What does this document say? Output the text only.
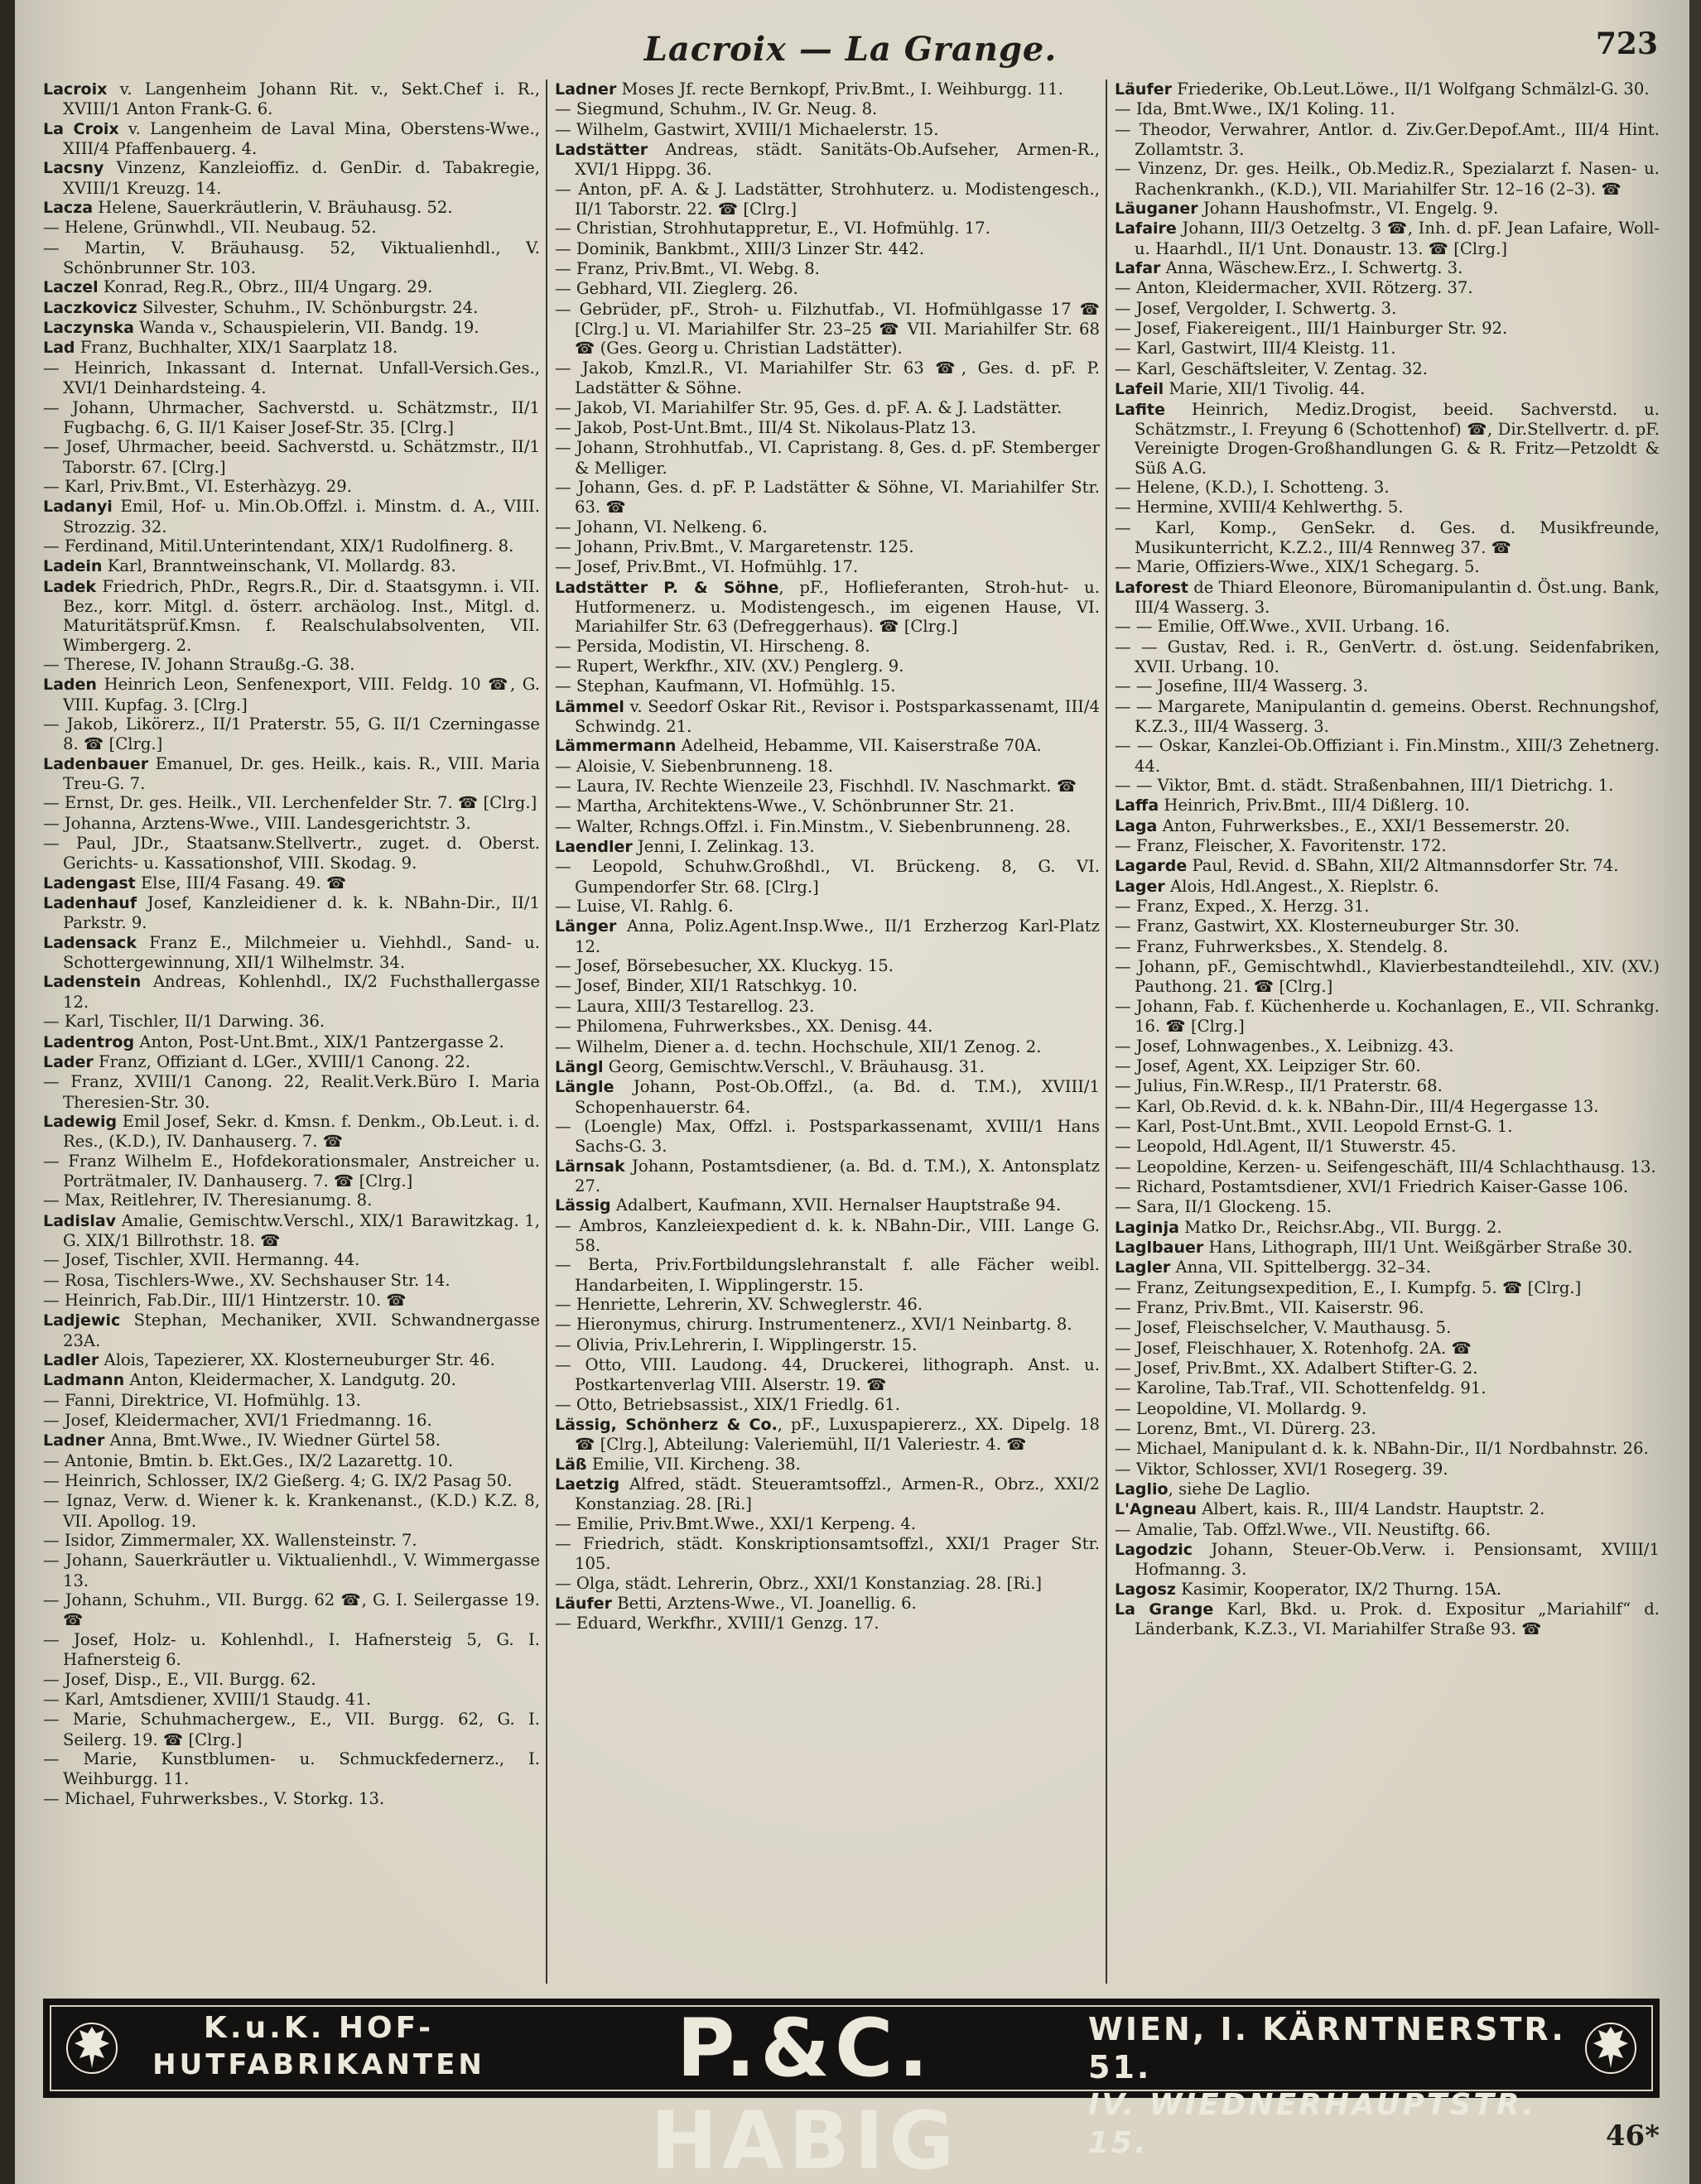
Lacroix — La Grange.	723

Lacroix v. Langenheim Johann Rit. v., Sekt.Chef i. R., XVIII/1 Anton Frank-G. 6.

La Croix v. Langenheim de Laval Mina, Oberstens-Wwe., XIII/4 Pfaffenbauerg. 4.

Lacsny Vinzenz, Kanzleioffiz. d. GenDir. d. Tabakregie, XVIII/1 Kreuzg. 14.

Lacza Helene, Sauerkräutlerin, V. Bräuhausg. 52.

— Helene, Grünwhdl., VII. Neubaug. 52.

— Martin, V. Bräuhausg. 52, Viktualienhdl., V. Schönbrunner Str. 103.

Laczel Konrad, Reg.R., Obrz., III/4 Ungarg. 29.

Laczkovicz Silvester, Schuhm., IV. Schönburgstr. 24.

Laczynska Wanda v., Schauspielerin, VII. Bandg. 19.

Lad Franz, Buchhalter, XIX/1 Saarplatz 18.

— Heinrich, Inkassant d. Internat. Unfall-Versich.Ges., XVI/1 Deinhardsteing. 4.

— Johann, Uhrmacher, Sachverstd. u. Schätzmstr., II/1 Fugbachg. 6, G. II/1 Kaiser Josef-Str. 35. [Clrg.]

— Josef, Uhrmacher, beeid. Sachverstd. u. Schätzmstr., II/1 Taborstr. 67. [Clrg.]

— Karl, Priv.Bmt., VI. Esterhàzyg. 29.

Ladanyi Emil, Hof- u. Min.Ob.Offzl. i. Minstm. d. A., VIII. Strozzig. 32.

— Ferdinand, Mitil.Unterintendant, XIX/1 Rudolfinerg. 8.

Ladein Karl, Branntweinschank, VI. Mollardg. 83.

Ladek Friedrich, PhDr., Regrs.R., Dir. d. Staatsgymn. i. VII. Bez., korr. Mitgl. d. österr. archäolog. Inst., Mitgl. d. Maturitätsprüf.Kmsn. f. Realschulabsolventen, VII. Wimbergerg. 2.

— Therese, IV. Johann Straußg.-G. 38.

Laden Heinrich Leon, Senfenexport, VIII. Feldg. 10 ☎, G. VIII. Kupfag. 3. [Clrg.]

— Jakob, Likörerz., II/1 Praterstr. 55, G. II/1 Czerningasse 8. ☎ [Clrg.]

Ladenbauer Emanuel, Dr. ges. Heilk., kais. R., VIII. Maria Treu-G. 7.

— Ernst, Dr. ges. Heilk., VII. Lerchenfelder Str. 7. ☎ [Clrg.]

— Johanna, Arztens-Wwe., VIII. Landesgerichtstr. 3.

— Paul, JDr., Staatsanw.Stellvertr., zuget. d. Oberst. Gerichts- u. Kassationshof, VIII. Skodag. 9.

Ladengast Else, III/4 Fasang. 49. ☎

Ladenhauf Josef, Kanzleidiener d. k. k. NBahn-Dir., II/1 Parkstr. 9.

Ladensack Franz E., Milchmeier u. Viehhdl., Sand- u. Schottergewinnung, XII/1 Wilhelmstr. 34.

Ladenstein Andreas, Kohlenhdl., IX/2 Fuchsthallergasse 12.

— Karl, Tischler, II/1 Darwing. 36.

Ladentrog Anton, Post-Unt.Bmt., XIX/1 Pantzergasse 2.

Lader Franz, Offiziant d. LGer., XVIII/1 Canong. 22.

— Franz, XVIII/1 Canong. 22, Realit.Verk.Büro I. Maria Theresien-Str. 30.

Ladewig Emil Josef, Sekr. d. Kmsn. f. Denkm., Ob.Leut. i. d. Res., (K.D.), IV. Danhauserg. 7. ☎

— Franz Wilhelm E., Hofdekorationsmaler, Anstreicher u. Porträtmaler, IV. Danhauserg. 7. ☎ [Clrg.]

— Max, Reitlehrer, IV. Theresianumg. 8.

Ladislav Amalie, Gemischtw.Verschl., XIX/1 Barawitzkag. 1, G. XIX/1 Billrothstr. 18. ☎

— Josef, Tischler, XVII. Hermanng. 44.

— Rosa, Tischlers-Wwe., XV. Sechshauser Str. 14.

— Heinrich, Fab.Dir., III/1 Hintzerstr. 10. ☎

Ladjewic Stephan, Mechaniker, XVII. Schwandnergasse 23A.

Ladler Alois, Tapezierer, XX. Klosterneuburger Str. 46.

Ladmann Anton, Kleidermacher, X. Landgutg. 20.

— Fanni, Direktrice, VI. Hofmühlg. 13.

— Josef, Kleidermacher, XVI/1 Friedmanng. 16.

Ladner Anna, Bmt.Wwe., IV. Wiedner Gürtel 58.

— Antonie, Bmtin. b. Ekt.Ges., IX/2 Lazarettg. 10.

— Heinrich, Schlosser, IX/2 Gießerg. 4; G. IX/2 Pasag 50.

— Ignaz, Verw. d. Wiener k. k. Krankenanst., (K.D.) K.Z. 8, VII. Apollog. 19.

— Isidor, Zimmermaler, XX. Wallensteinstr. 7.

— Johann, Sauerkräutler u. Viktualienhdl., V. Wimmergasse 13.

— Johann, Schuhm., VII. Burgg. 62 ☎, G. I. Seilergasse 19. ☎

— Josef, Holz- u. Kohlenhdl., I. Hafnersteig 5, G. I. Hafnersteig 6.

— Josef, Disp., E., VII. Burgg. 62.

— Karl, Amtsdiener, XVIII/1 Staudg. 41.

— Marie, Schuhmachergew., E., VII. Burgg. 62, G. I. Seilerg. 19. ☎ [Clrg.]

— Marie, Kunstblumen- u. Schmuckfedernerz., I. Weihburgg. 11.

— Michael, Fuhrwerksbes., V. Storkg. 13.

Ladner Moses Jf. recte Bernkopf, Priv.Bmt., I. Weihburgg. 11.

— Siegmund, Schuhm., IV. Gr. Neug. 8.

— Wilhelm, Gastwirt, XVIII/1 Michaelerstr. 15.

Ladstätter Andreas, städt. Sanitäts-Ob.Aufseher, Armen-R., XVI/1 Hippg. 36.

— Anton, pF. A. & J. Ladstätter, Strohhuterz. u. Modistengesch., II/1 Taborstr. 22. ☎ [Clrg.]

— Christian, Strohhutappretur, E., VI. Hofmühlg. 17.

— Dominik, Bankbmt., XIII/3 Linzer Str. 442.

— Franz, Priv.Bmt., VI. Webg. 8.

— Gebhard, VII. Zieglerg. 26.

— Gebrüder, pF., Stroh- u. Filzhutfab., VI. Hofmühlgasse 17 ☎ [Clrg.] u. VI. Mariahilfer Str. 23–25 ☎ VII. Mariahilfer Str. 68 ☎ (Ges. Georg u. Christian Ladstätter).

— Jakob, Kmzl.R., VI. Mariahilfer Str. 63 ☎, Ges. d. pF. P. Ladstätter & Söhne.

— Jakob, VI. Mariahilfer Str. 95, Ges. d. pF. A. & J. Ladstätter.

— Jakob, Post-Unt.Bmt., III/4 St. Nikolaus-Platz 13.

— Johann, Strohhutfab., VI. Capristang. 8, Ges. d. pF. Stemberger & Melliger.

— Johann, Ges. d. pF. P. Ladstätter & Söhne, VI. Mariahilfer Str. 63. ☎

— Johann, VI. Nelkeng. 6.

— Johann, Priv.Bmt., V. Margaretenstr. 125.

— Josef, Priv.Bmt., VI. Hofmühlg. 17.

Ladstätter P. & Söhne, pF., Hoflieferanten, Stroh-hut- u. Hutformenerz. u. Modistengesch., im eigenen Hause, VI. Mariahilfer Str. 63 (Defreggerhaus). ☎ [Clrg.]

— Persida, Modistin, VI. Hirscheng. 8.

— Rupert, Werkfhr., XIV. (XV.) Penglerg. 9.

— Stephan, Kaufmann, VI. Hofmühlg. 15.

Lämmel v. Seedorf Oskar Rit., Revisor i. Postsparkassenamt, III/4 Schwindg. 21.

Lämmermann Adelheid, Hebamme, VII. Kaiserstraße 70A.

— Aloisie, V. Siebenbrunneng. 18.

— Laura, IV. Rechte Wienzeile 23, Fischhdl. IV. Naschmarkt. ☎

— Martha, Architektens-Wwe., V. Schönbrunner Str. 21.

— Walter, Rchngs.Offzl. i. Fin.Minstm., V. Siebenbrunneng. 28.

Laendler Jenni, I. Zelinkag. 13.

— Leopold, Schuhw.Großhdl., VI. Brückeng. 8, G. VI. Gumpendorfer Str. 68. [Clrg.]

— Luise, VI. Rahlg. 6.

Länger Anna, Poliz.Agent.Insp.Wwe., II/1 Erzherzog Karl-Platz 12.

— Josef, Börsebesucher, XX. Kluckyg. 15.

— Josef, Binder, XII/1 Ratschkyg. 10.

— Laura, XIII/3 Testarellog. 23.

— Philomena, Fuhrwerksbes., XX. Denisg. 44.

— Wilhelm, Diener a. d. techn. Hochschule, XII/1 Zenog. 2.

Längl Georg, Gemischtw.Verschl., V. Bräuhausg. 31.

Längle Johann, Post-Ob.Offzl., (a. Bd. d. T.M.), XVIII/1 Schopenhauerstr. 64.

— (Loengle) Max, Offzl. i. Postsparkassenamt, XVIII/1 Hans Sachs-G. 3.

Lärnsak Johann, Postamtsdiener, (a. Bd. d. T.M.), X. Antonsplatz 27.

Lässig Adalbert, Kaufmann, XVII. Hernalser Hauptstraße 94.

— Ambros, Kanzleiexpedient d. k. k. NBahn-Dir., VIII. Lange G. 58.

— Berta, Priv.Fortbildungslehranstalt f. alle Fächer weibl. Handarbeiten, I. Wipplingerstr. 15.

— Henriette, Lehrerin, XV. Schweglerstr. 46.

— Hieronymus, chirurg. Instrumentenerz., XVI/1 Neinbartg. 8.

— Olivia, Priv.Lehrerin, I. Wipplingerstr. 15.

— Otto, VIII. Laudong. 44, Druckerei, lithograph. Anst. u. Postkartenverlag VIII. Alserstr. 19. ☎

— Otto, Betriebsassist., XIX/1 Friedlg. 61.

Lässig, Schönherz & Co., pF., Luxuspapiererz., XX. Dipelg. 18 ☎ [Clrg.], Abteilung: Valeriemühl, II/1 Valeriestr. 4. ☎

Läß Emilie, VII. Kircheng. 38.

Laetzig Alfred, städt. Steueramtsoffzl., Armen-R., Obrz., XXI/2 Konstanziag. 28. [Ri.]

— Emilie, Priv.Bmt.Wwe., XXI/1 Kerpeng. 4.

— Friedrich, städt. Konskriptionsamtsoffzl., XXI/1 Prager Str. 105.

— Olga, städt. Lehrerin, Obrz., XXI/1 Konstanziag. 28. [Ri.]

Läufer Betti, Arztens-Wwe., VI. Joanellig. 6.

— Eduard, Werkfhr., XVIII/1 Genzg. 17.

Läufer Friederike, Ob.Leut.Löwe., II/1 Wolfgang Schmälzl-G. 30.

— Ida, Bmt.Wwe., IX/1 Koling. 11.

— Theodor, Verwahrer, Antlor. d. Ziv.Ger.Depof.Amt., III/4 Hint. Zollamtstr. 3.

— Vinzenz, Dr. ges. Heilk., Ob.Mediz.R., Spezialarzt f. Nasen- u. Rachenkrankh., (K.D.), VII. Mariahilfer Str. 12–16 (2–3). ☎

Läuganer Johann Haushofmstr., VI. Engelg. 9.

Lafaire Johann, III/3 Oetzeltg. 3 ☎, Inh. d. pF. Jean Lafaire, Woll- u. Haarhdl., II/1 Unt. Donaustr. 13. ☎ [Clrg.]

Lafar Anna, Wäschew.Erz., I. Schwertg. 3.

— Anton, Kleidermacher, XVII. Rötzerg. 37.

— Josef, Vergolder, I. Schwertg. 3.

— Josef, Fiakereigent., III/1 Hainburger Str. 92.

— Karl, Gastwirt, III/4 Kleistg. 11.

— Karl, Geschäftsleiter, V. Zentag. 32.

Lafeil Marie, XII/1 Tivolig. 44.

Lafite Heinrich, Mediz.Drogist, beeid. Sachverstd. u. Schätzmstr., I. Freyung 6 (Schottenhof) ☎, Dir.Stellvertr. d. pF. Vereinigte Drogen-Großhandlungen G. & R. Fritz—Petzoldt & Süß A.G.

— Helene, (K.D.), I. Schotteng. 3.

— Hermine, XVIII/4 Kehlwerthg. 5.

— Karl, Komp., GenSekr. d. Ges. d. Musikfreunde, Musikunterricht, K.Z.2., III/4 Rennweg 37. ☎

— Marie, Offiziers-Wwe., XIX/1 Schegarg. 5.

Laforest de Thiard Eleonore, Büromanipulantin d. Öst.ung. Bank, III/4 Wasserg. 3.

— — Emilie, Off.Wwe., XVII. Urbang. 16.

— — Gustav, Red. i. R., GenVertr. d. öst.ung. Seidenfabriken, XVII. Urbang. 10.

— — Josefine, III/4 Wasserg. 3.

— — Margarete, Manipulantin d. gemeins. Oberst. Rechnungshof, K.Z.3., III/4 Wasserg. 3.

— — Oskar, Kanzlei-Ob.Offiziant i. Fin.Minstm., XIII/3 Zehetnerg. 44.

— — Viktor, Bmt. d. städt. Straßenbahnen, III/1 Dietrichg. 1.

Laffa Heinrich, Priv.Bmt., III/4 Dißlerg. 10.

Laga Anton, Fuhrwerksbes., E., XXI/1 Bessemerstr. 20.

— Franz, Fleischer, X. Favoritenstr. 172.

Lagarde Paul, Revid. d. SBahn, XII/2 Altmannsdorfer Str. 74.

Lager Alois, Hdl.Angest., X. Rieplstr. 6.

— Franz, Exped., X. Herzg. 31.

— Franz, Gastwirt, XX. Klosterneuburger Str. 30.

— Franz, Fuhrwerksbes., X. Stendelg. 8.

— Johann, pF., Gemischtwhdl., Klavierbestandteilehdl., XIV. (XV.) Pauthong. 21. ☎ [Clrg.]

— Johann, Fab. f. Küchenherde u. Kochanlagen, E., VII. Schrankg. 16. ☎ [Clrg.]

— Josef, Lohnwagenbes., X. Leibnizg. 43.

— Josef, Agent, XX. Leipziger Str. 60.

— Julius, Fin.W.Resp., II/1 Praterstr. 68.

— Karl, Ob.Revid. d. k. k. NBahn-Dir., III/4 Hegergasse 13.

— Karl, Post-Unt.Bmt., XVII. Leopold Ernst-G. 1.

— Leopold, Hdl.Agent, II/1 Stuwerstr. 45.

— Leopoldine, Kerzen- u. Seifengeschäft, III/4 Schlachthausg. 13.

— Richard, Postamtsdiener, XVI/1 Friedrich Kaiser-Gasse 106.

— Sara, II/1 Glockeng. 15.

Laginja Matko Dr., Reichsr.Abg., VII. Burgg. 2.

Laglbauer Hans, Lithograph, III/1 Unt. Weißgärber Straße 30.

Lagler Anna, VII. Spittelbergg. 32–34.

— Franz, Zeitungsexpedition, E., I. Kumpfg. 5. ☎ [Clrg.]

— Franz, Priv.Bmt., VII. Kaiserstr. 96.

— Josef, Fleischselcher, V. Mauthausg. 5.

— Josef, Fleischhauer, X. Rotenhofg. 2A. ☎

— Josef, Priv.Bmt., XX. Adalbert Stifter-G. 2.

— Karoline, Tab.Traf., VII. Schottenfeldg. 91.

— Leopoldine, VI. Mollardg. 9.

— Lorenz, Bmt., VI. Dürerg. 23.

— Michael, Manipulant d. k. k. NBahn-Dir., II/1 Nordbahnstr. 26.

— Viktor, Schlosser, XVI/1 Rosegerg. 39.

Laglio, siehe De Laglio.

L'Agneau Albert, kais. R., III/4 Landstr. Hauptstr. 2.

— Amalie, Tab. Offzl.Wwe., VII. Neustiftg. 66.

Lagodzic Johann, Steuer-Ob.Verw. i. Pensionsamt, XVIII/1 Hofmanng. 3.

Lagosz Kasimir, Kooperator, IX/2 Thurng. 15A.

La Grange Karl, Bkd. u. Prok. d. Expositur „Mariahilf“ d. Länderbank, K.Z.3., VI. Mariahilfer Straße 93. ☎

K.u.K. HOF-
HUTFABRIKANTEN	P.&C. HABIG
WIEN, I. KÄRNTNERSTR. 51.
IV. WIEDNERHAUPTSTR. 15.	46*
